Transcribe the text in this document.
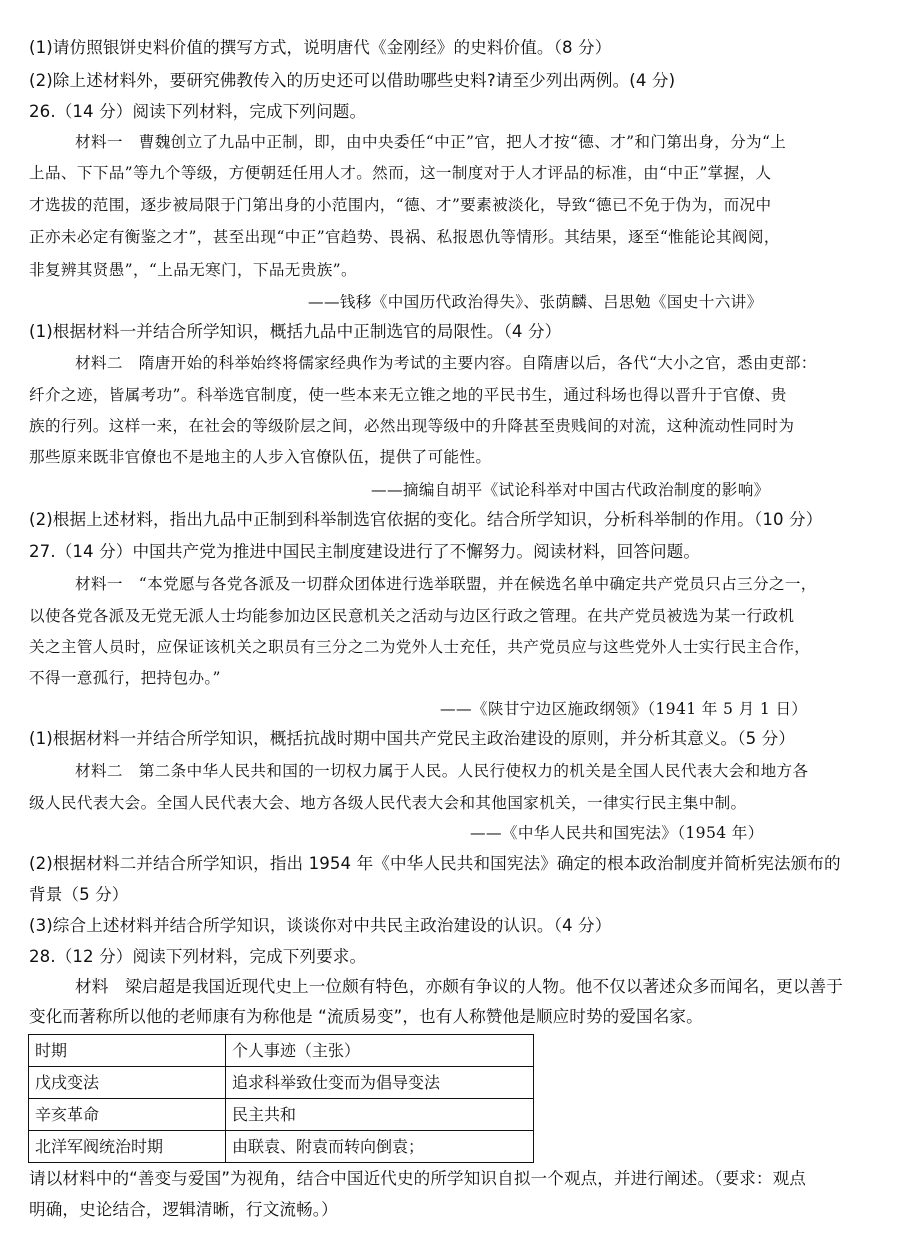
(1)请仿照银饼史料价值的撰写方式，说明唐代《金刚经》的史料价值。（8 分）
(2)除上述材料外，要研究佛教传入的历史还可以借助哪些史料?请至少列出两例。(4 分)
26.（14 分）阅读下列材料，完成下列问题。
材料一　曹魏创立了九品中正制，即，由中央委任“中正”官，把人才按“德、才”和门第出身，分为“上
上品、下下品”等九个等级，方便朝廷任用人才。然而，这一制度对于人才评品的标准，由“中正”掌握，人
才选拔的范围，逐步被局限于门第出身的小范围内，“德、才”要素被淡化，导致“德已不免于伪为，而况中
正亦未必定有衡鉴之才”，甚至出现“中正”官趋势、畏祸、私报恩仇等情形。其结果，逐至“惟能论其阀阅，
非复辨其贤愚”，“上品无寒门，下品无贵族”。
——钱移《中国历代政治得失》、张荫麟、吕思勉《国史十六讲》
(1)根据材料一并结合所学知识，概括九品中正制选官的局限性。（4 分）
材料二　隋唐开始的科举始终将儒家经典作为考试的主要内容。自隋唐以后，各代“大小之官，悉由吏部：
纤介之迹，皆属考功”。科举选官制度，使一些本来无立锥之地的平民书生，通过科场也得以晋升于官僚、贵
族的行列。这样一来，在社会的等级阶层之间，必然出现等级中的升降甚至贵贱间的对流，这种流动性同时为
那些原来既非官僚也不是地主的人步入官僚队伍，提供了可能性。
——摘编自胡平《试论科举对中国古代政治制度的影响》
(2)根据上述材料，指出九品中正制到科举制选官依据的变化。结合所学知识，分析科举制的作用。（10 分）
27.（14 分）中国共产党为推进中国民主制度建设进行了不懈努力。阅读材料，回答问题。
材料一　“本党愿与各党各派及一切群众团体进行选举联盟，并在候选名单中确定共产党员只占三分之一，
以使各党各派及无党无派人士均能参加边区民意机关之活动与边区行政之管理。在共产党员被选为某一行政机
关之主管人员时，应保证该机关之职员有三分之二为党外人士充任，共产党员应与这些党外人士实行民主合作，
不得一意孤行，把持包办。”
——《陕甘宁边区施政纲领》（1941 年 5 月 1 日）
(1)根据材料一并结合所学知识，概括抗战时期中国共产党民主政治建设的原则，并分析其意义。（5 分）
材料二　第二条中华人民共和国的一切权力属于人民。人民行使权力的机关是全国人民代表大会和地方各
级人民代表大会。全国人民代表大会、地方各级人民代表大会和其他国家机关，一律实行民主集中制。
——《中华人民共和国宪法》（1954 年）
(2)根据材料二并结合所学知识，指出 1954 年《中华人民共和国宪法》确定的根本政治制度并简析宪法颁布的
背景（5 分）
(3)综合上述材料并结合所学知识，谈谈你对中共民主政治建设的认识。（4 分）
28.（12 分）阅读下列材料，完成下列要求。
材料　梁启超是我国近现代史上一位颇有特色，亦颇有争议的人物。他不仅以著述众多而闻名，更以善于
变化而著称所以他的老师康有为称他是 “流质易变”，也有人称赞他是顺应时势的爱国名家。
时期	个人事迹（主张）
戊戌变法	追求科举致仕变而为倡导变法
辛亥革命	民主共和
北洋军阀统治时期	由联袁、附袁而转向倒袁；
请以材料中的“善变与爱国”为视角，结合中国近代史的所学知识自拟一个观点，并进行阐述。（要求：观点
明确，史论结合，逻辑清晰，行文流畅。）
